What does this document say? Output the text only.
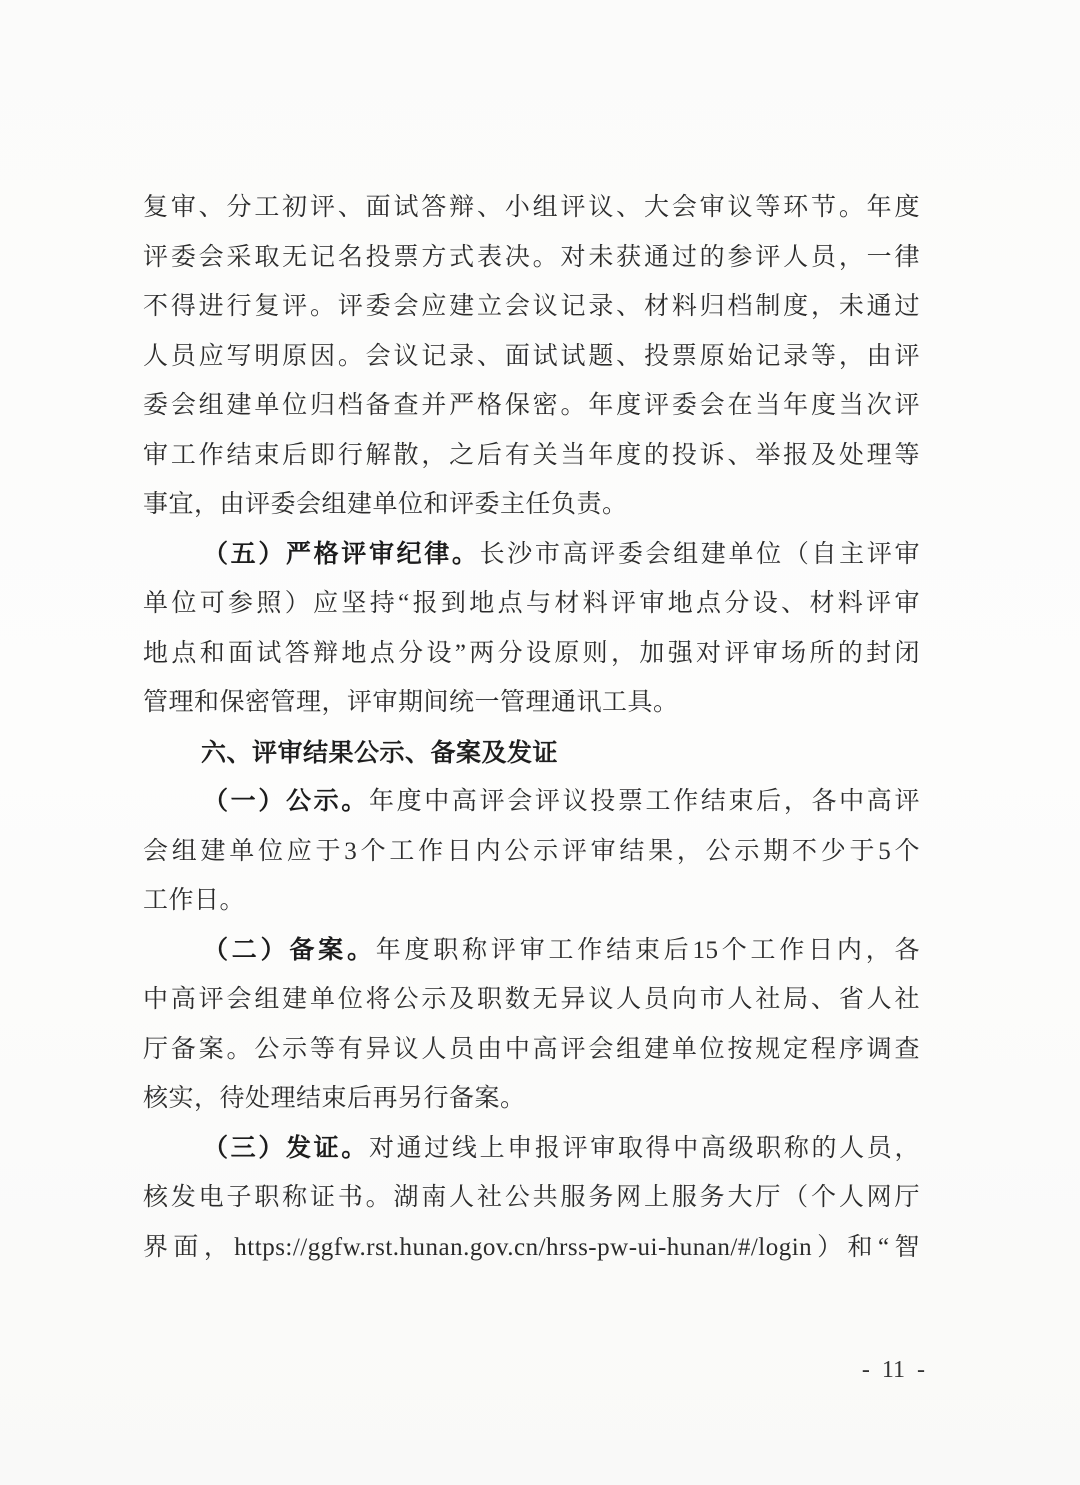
复审、分工初评、面试答辩、小组评议、大会审议等环节。年度
评委会采取无记名投票方式表决。对未获通过的参评人员，一律
不得进行复评。评委会应建立会议记录、材料归档制度，未通过
人员应写明原因。会议记录、面试试题、投票原始记录等，由评
委会组建单位归档备查并严格保密。年度评委会在当年度当次评
审工作结束后即行解散，之后有关当年度的投诉、举报及处理等
事宜，由评委会组建单位和评委主任负责。
（五）严格评审纪律。长沙市高评委会组建单位（自主评审
单位可参照）应坚持“报到地点与材料评审地点分设、材料评审
地点和面试答辩地点分设”两分设原则，加强对评审场所的封闭
管理和保密管理，评审期间统一管理通讯工具。
六、评审结果公示、备案及发证
（一）公示。年度中高评会评议投票工作结束后，各中高评
会组建单位应于3个工作日内公示评审结果，公示期不少于5个
工作日。
（二）备案。年度职称评审工作结束后15个工作日内，各
中高评会组建单位将公示及职数无异议人员向市人社局、省人社
厅备案。公示等有异议人员由中高评会组建单位按规定程序调查
核实，待处理结束后再另行备案。
（三）发证。对通过线上申报评审取得中高级职称的人员，
核发电子职称证书。湖南人社公共服务网上服务大厅（个人网厅
界面，https://ggfw.rst.hunan.gov.cn/hrss-pw-ui-hunan/#/login）和“智
- 11 -
